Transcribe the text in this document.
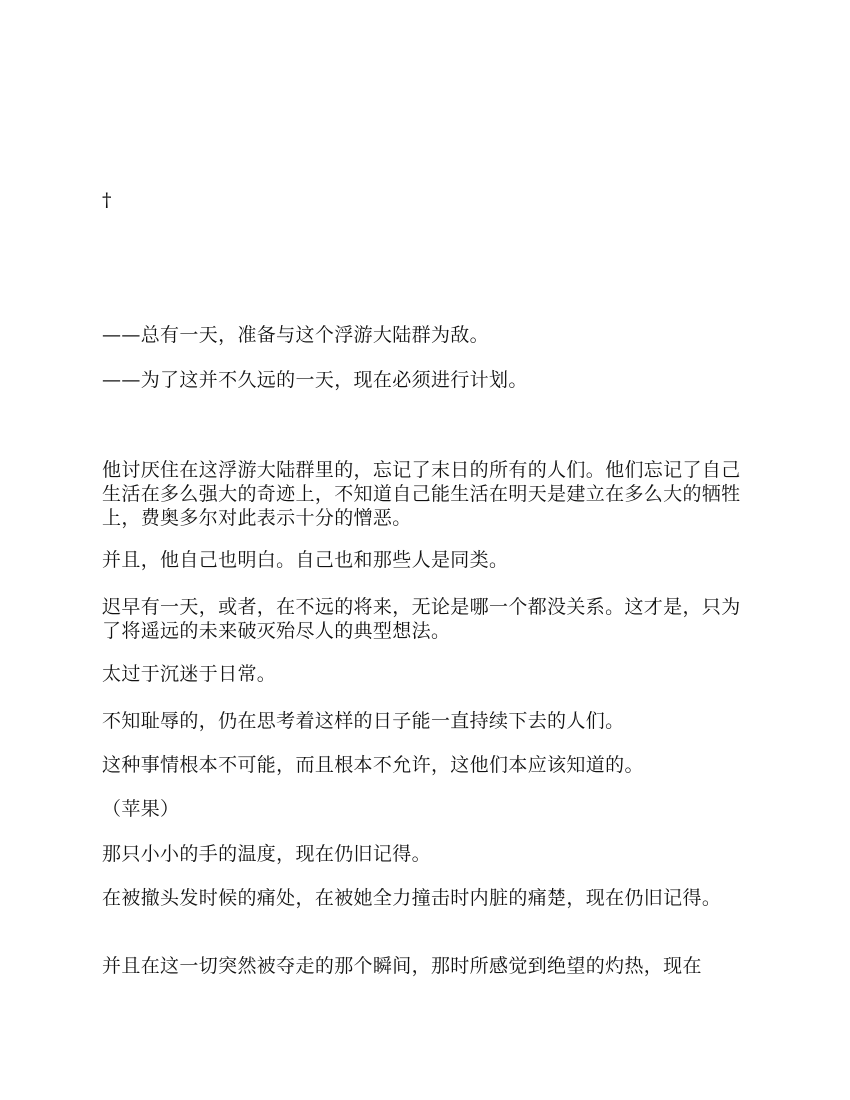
†

——总有一天，准备与这个浮游大陆群为敌。

——为了这并不久远的一天，现在必须进行计划。

他讨厌住在这浮游大陆群里的，忘记了末日的所有的人们。他们忘记了自己生活在多么强大的奇迹上，不知道自己能生活在明天是建立在多么大的牺牲上，费奥多尔对此表示十分的憎恶。

并且，他自己也明白。自己也和那些人是同类。

迟早有一天，或者，在不远的将来，无论是哪一个都没关系。这才是，只为了将遥远的未来破灭殆尽人的典型想法。

太过于沉迷于日常。

不知耻辱的，仍在思考着这样的日子能一直持续下去的人们。

这种事情根本不可能，而且根本不允许，这他们本应该知道的。

（苹果）

那只小小的手的温度，现在仍旧记得。

在被撤头发时候的痛处，在被她全力撞击时内脏的痛楚，现在仍旧记得。

并且在这一切突然被夺走的那个瞬间，那时所感觉到绝望的灼热，现在
